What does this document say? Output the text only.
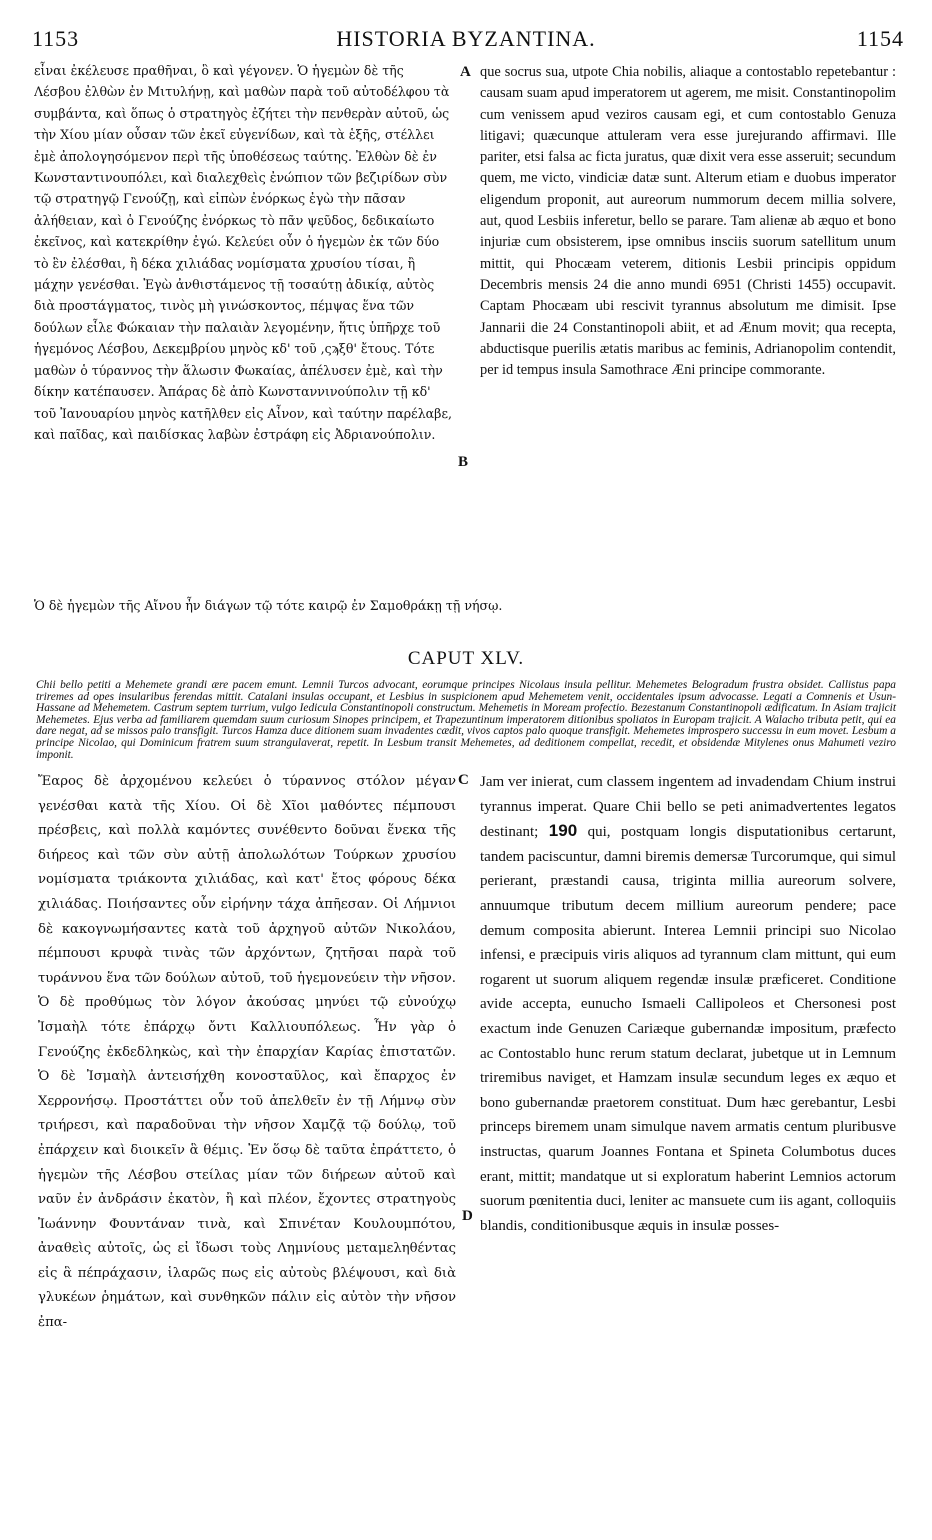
1153	HISTORIA BYZANTINA.	1154
εἶναι ἐκέλευσε πραθῆναι, ὃ καὶ γέγονεν. Ὁ ἡγεμὼν δὲ τῆς Λέσβου ἐλθὼν ἐν Μιτυλήνῃ, καὶ μαθὼν παρὰ τοῦ αὐτοδέλφου τὰ συμβάντα, καὶ ὅπως ὁ στρατηγὸς ἐζήτει τὴν πενθερὰν αὐτοῦ, ὡς τὴν Χίου μίαν οὖσαν τῶν ἐκεῖ εὐγενίδων, καὶ τὰ ἑξῆς, στέλλει ἐμὲ ἀπολογησόμενον περὶ τῆς ὑποθέσεως ταύτης. Ἐλθὼν δὲ ἐν Κωνσταντινουπόλει, καὶ διαλεχθεὶς ἐνώπιον τῶν βεζιρίδων σὺν τῷ στρατηγῷ Γενούζῃ, καὶ εἰπὼν ἐνόρκως ἐγὼ τὴν πᾶσαν ἀλήθειαν, καὶ ὁ Γενούζης ἐνόρκως τὸ πᾶν ψεῦδος, δεδικαίωτο ἐκεῖνος, καὶ κατεκρίθην ἐγώ. Κελεύει οὖν ὁ ἡγεμὼν ἐκ τῶν δύο τὸ ἓν ἐλέσθαι, ἢ δέκα χιλιάδας νομίσματα χρυσίου τίσαι, ἢ μάχην γενέσθαι. Ἐγὼ ἀνθιστάμενος τῇ τοσαύτῃ ἀδικίᾳ, αὐτὸς διὰ προστάγματος, τινὸς μὴ γινώσκοντος, πέμψας ἕνα τῶν δούλων εἷλε Φώκαιαν τὴν παλαιὰν λεγομένην, ἥτις ὑπῆρχε τοῦ ἡγεμόνος Λέσβου, Δεκεμβρίου μηνὸς κδ' τοῦ ,ςϡξθ' ἔτους. Τότε μαθὼν ὁ τύραννος τὴν ἅλωσιν Φωκαίας, ἀπέλυσεν ἐμὲ, καὶ τὴν δίκην κατέπαυσεν. Ἀπάρας δὲ ἀπὸ Κωνσταννινούπολιν τῇ κδ' τοῦ Ἰανουαρίου μηνὸς κατῆλθεν εἰς Αἶνον, καὶ ταύτην παρέλαβε, καὶ παῖδας, καὶ παιδίσκας λαβὼν ἐστράφη εἰς Ἀδριανούπολιν.
que socrus sua, utpote Chia nobilis, aliaque a contostablo repetebantur : causam suam apud imperatorem ut agerem, me misit. Constantinopolim cum venissem apud veziros causam egi, et cum contostablo Genuza litigavi; quæcunque attuleram vera esse jurejurando affirmavi. Ille pariter, etsi falsa ac ficta juratus, quæ dixit vera esse asseruit; secundum quem, me victo, vindiciæ datæ sunt. Alterum etiam e duobus imperator eligendum proponit, aut aureorum nummorum decem millia solvere, aut, quod Lesbiis inferetur, bello se parare. Tam alienæ ab æquo et bono injuriæ cum obsisterem, ipse omnibus insciis suorum satellitum unum mittit, qui Phocæam veterem, ditionis Lesbii principis oppidum Decembris mensis 24 die anno mundi 6951 (Christi 1455) occupavit. Captam Phocæam ubi rescivit tyrannus absolutum me dimisit. Ipse Jannarii die 24 Constantinopoli abiit, et ad Ænum movit; qua recepta, abductisque puerilis ætatis maribus ac feminis, Adrianopolim contendit, per id tempus insula Samothrace Æni principe commorante.
Ὁ δὲ ἡγεμὼν τῆς Αἴνου ἦν διάγων τῷ τότε καιρῷ ἐν Σαμοθράκῃ τῇ νήσῳ.
A
B
CAPUT XLV.
Chii bello petiti a Mehemete grandi ære pacem emunt. Lemnii Turcos advocant, eorumque principes Nicolaus insula pellitur. Mehemetes Belogradum frustra obsidet. Callistus papa triremes ad opes insularibus ferendas mittit. Catalani insulas occupant, et Lesbius in suspicionem apud Mehemetem venit, occidentales ipsum advocasse. Legati a Comnenis et Usun-Hassane ad Mehemetem. Castrum septem turrium, vulgo Iedicula Constantinopoli constructum. Mehemetis in Moream profectio. Bezestanum Constantinopoli ædificatum. In Asiam trajicit Mehemetes. Ejus verba ad familiarem quemdam suum curiosum Sinopes principem, et Trapezuntinum imperatorem ditionibus spoliatos in Europam trajicit. A Walacho tributa petit, qui ea dare negat, ad se missos palo transfigit. Turcos Hamza duce ditionem suam invadentes cædit, vivos captos palo quoque transfigit. Mehemetes improspero successu in eum movet. Lesbum a principe Nicolao, qui Dominicum fratrem suum strangulaverat, repetit. In Lesbum transit Mehemetes, ad deditionem compellat, recedit, et obsidendæ Mitylenes onus Mahumeti veziro imponit.
Ἔαρος δὲ ἀρχομένου κελεύει ὁ τύραννος στόλον μέγαν γενέσθαι κατὰ τῆς Χίου. Οἱ δὲ Χῖοι μαθόντες πέμπουσι πρέσβεις, καὶ πολλὰ καμόντες συνέθεντο δοῦναι ἕνεκα τῆς διήρεος καὶ τῶν σὺν αὐτῇ ἀπολωλότων Τούρκων χρυσίου νομίσματα τριάκοντα χιλιάδας, καὶ κατ' ἔτος φόρους δέκα χιλιάδας. Ποιήσαντες οὖν εἰρήνην τάχα ἀπῆεσαν. Οἱ Λήμνιοι δὲ κακογνωμήσαντες κατὰ τοῦ ἀρχηγοῦ αὐτῶν Νικολάου, πέμπουσι κρυφὰ τινὰς τῶν ἀρχόντων, ζητῆσαι παρὰ τοῦ τυράννου ἕνα τῶν δούλων αὐτοῦ, τοῦ ἡγεμονεύειν τὴν νῆσον. Ὁ δὲ προθύμως τὸν λόγον ἀκούσας μηνύει τῷ εὐνούχῳ Ἰσμαὴλ τότε ἐπάρχῳ ὄντι Καλλιουπόλεως. Ἦν γὰρ ὁ Γενούζης ἐκδεδληκὼς, καὶ τὴν ἐπαρχίαν Καρίας ἐπιστατῶν. Ὁ δὲ Ἰσμαὴλ ἀντεισήχθη κονοσταῦλος, καὶ ἔπαρχος ἐν Χερρονήσῳ. Προστάττει οὖν τοῦ ἀπελθεῖν ἐν τῇ Λήμνῳ σὺν τριήρεσι, καὶ παραδοῦναι τὴν νῆσον Χαμζᾷ τῷ δούλῳ, τοῦ ἐπάρχειν καὶ διοικεῖν ἃ θέμις. Ἐν ὅσῳ δὲ ταῦτα ἐπράττετο, ὁ ἡγεμὼν τῆς Λέσβου στείλας μίαν τῶν διήρεων αὐτοῦ καὶ ναῦν ἐν ἀνδράσιν ἑκατὸν, ἢ καὶ πλέον, ἔχοντες στρατηγοὺς Ἰωάννην Φουντάναν τινὰ, καὶ Σπινέταν Κουλουμπότου, ἀναθεὶς αὐτοῖς, ὡς εἰ ἴδωσι τοὺς Λημνίους μεταμεληθέντας εἰς ἃ πέπράχασιν, ἱλαρῶς πως εἰς αὐτοὺς βλέψουσι, καὶ διὰ γλυκέων ῥημάτων, καὶ συνθηκῶν πάλιν εἰς αὐτὸν τὴν νῆσον ἐπα-
Jam ver inierat, cum classem ingentem ad invadendam Chium instrui tyrannus imperat. Quare Chii bello se peti animadvertentes legatos destinant; 190 qui, postquam longis disputationibus certarunt, tandem paciscuntur, damni biremis demersæ Turcorumque, qui simul perierant, præstandi causa, triginta millia aureorum solvere, annuumque tributum decem millium aureorum pendere; pace demum composita abierunt. Interea Lemnii principi suo Nicolao infensi, e præcipuis viris aliquos ad tyrannum clam mittunt, qui eum rogarent ut suorum aliquem regendæ insulæ præficeret. Conditione avide accepta, eunucho Ismaeli Callipoleos et Chersonesi post exactum inde Genuzen Cariæque gubernandæ impositum, præfecto ac Contostablo hunc rerum statum declarat, jubetque ut in Lemnum triremibus naviget, et Hamzam insulæ secundum leges ex æquo et bono gubernandæ praetorem constituat. Dum hæc gerebantur, Lesbi princeps biremem unam simulque navem armatis centum pluribusve instructas, quarum Joannes Fontana et Spineta Columbotus duces erant, mittit; mandatque ut si exploratum haberint Lemnios actorum suorum pœnitentia duci, leniter ac mansuete cum iis agant, colloquiis blandis, conditionibusque æquis in insulæ posses-
C
D
